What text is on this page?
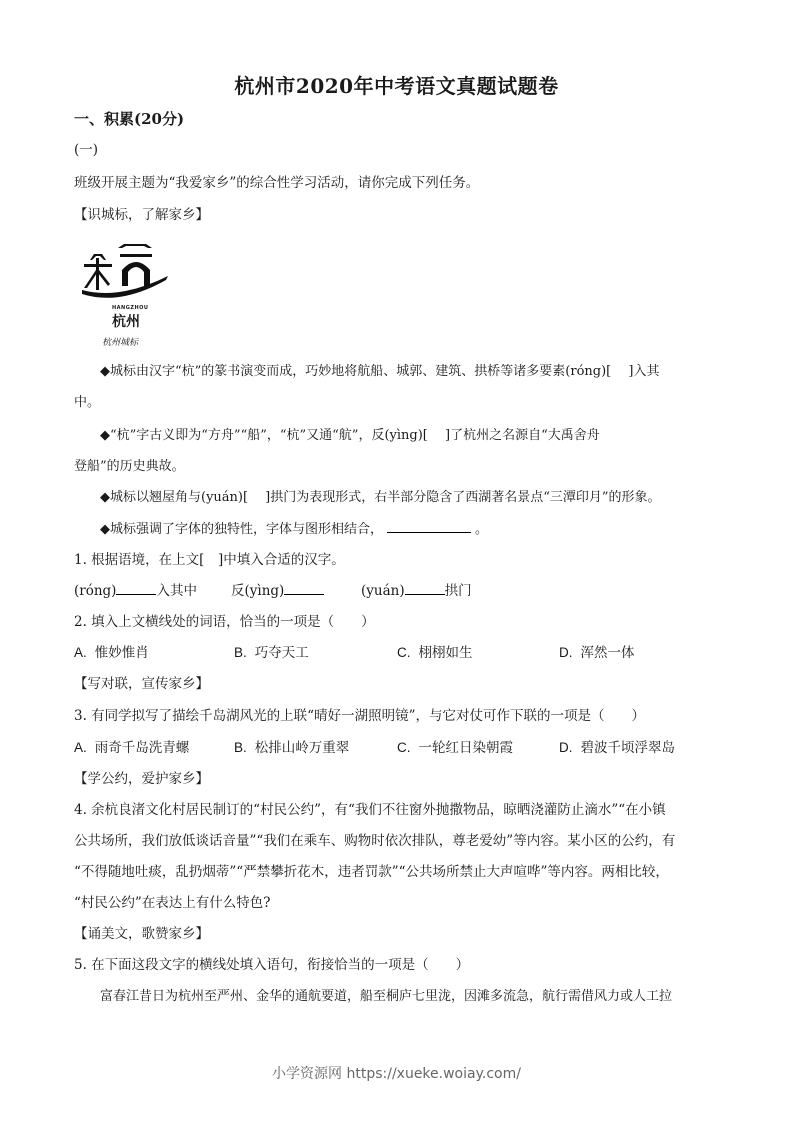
杭州市2020年中考语文真题试题卷
一、积累(20分)
(一)
班级开展主题为“我爱家乡”的综合性学习活动，请你完成下列任务。
【识城标，了解家乡】
HANGZHOU
杭州
杭州城标
◆城标由汉字“杭”的篆书演变而成，巧妙地将航船、城郭、建筑、拱桥等诸多要素(róng)[　 ]入其
中。
◆“杭”字古义即为“方舟”“船”，“杭”又通“航”，反(yìng)[　 ]了杭州之名源自“大禹舍舟
登船”的历史典故。
◆城标以翘屋角与(yuán)[　 ]拱门为表现形式，右半部分隐含了西湖著名景点“三潭印月”的形象。
◆城标强调了字体的独特性，字体与图形相结合，	。
1. 根据语境，在上文[　]中填入合适的汉字。
(róng)	入其中	反(yìng)	(yuán)	拱门
2. 填入上文横线处的词语，恰当的一项是（　　）
A. 惟妙惟肖	B. 巧夺天工	C. 栩栩如生	D. 浑然一体
【写对联，宣传家乡】
3. 有同学拟写了描绘千岛湖风光的上联“晴好一湖照明镜”，与它对仗可作下联的一项是（　　）
A. 雨奇千岛洗青螺	B. 松排山岭万重翠	C. 一轮红日染朝霞	D. 碧波千顷浮翠岛
【学公约，爱护家乡】
4. 余杭良渚文化村居民制订的“村民公约”，有“我们不往窗外抛撒物品，晾晒浇灌防止滴水”“在小镇
公共场所，我们放低谈话音量”“我们在乘车、购物时依次排队，尊老爱幼”等内容。某小区的公约，有
“不得随地吐痰，乱扔烟蒂”“严禁攀折花木，违者罚款”“公共场所禁止大声喧哗”等内容。两相比较，
“村民公约”在表达上有什么特色?
【诵美文，歌赞家乡】
5. 在下面这段文字的横线处填入语句，衔接恰当的一项是（　　）
富春江昔日为杭州至严州、金华的通航要道，船至桐庐七里泷，因滩多流急，航行需借风力或人工拉
小学资源网 https://xueke.woiay.com/
